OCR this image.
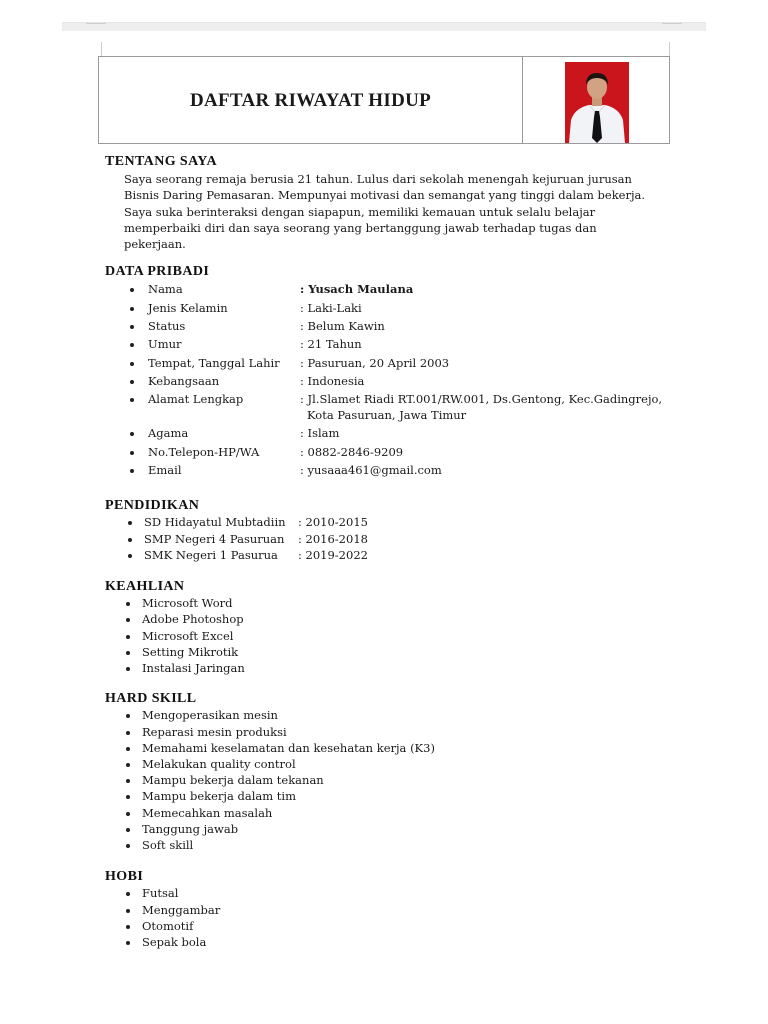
DAFTAR RIWAYAT HIDUP
TENTANG SAYA
Saya seorang remaja berusia 21 tahun. Lulus dari sekolah menengah kejuruan jurusan
Bisnis Daring Pemasaran. Mempunyai motivasi dan semangat yang tinggi dalam bekerja.
Saya suka berinteraksi dengan siapapun, memiliki kemauan untuk selalu belajar
memperbaiki diri dan saya seorang yang bertanggung jawab terhadap tugas dan
pekerjaan.
DATA PRIBADI
Nama	: Yusach Maulana
Jenis Kelamin	: Laki-Laki
Status	: Belum Kawin
Umur	: 21 Tahun
Tempat, Tanggal Lahir : Pasuruan, 20 April 2003
Kebangsaan	: Indonesia
Alamat Lengkap	: Jl.Slamet Riadi RT.001/RW.001, Ds.Gentong, Kec.Gadingrejo,
Kota Pasuruan, Jawa Timur
Agama	: Islam
No.Telepon-HP/WA	: 0882-2846-9209
Email	: yusaaa461@gmail.com
PENDIDIKAN
SD Hidayatul Mubtadiin : 2010-2015
SMP Negeri 4 Pasuruan : 2016-2018
SMK Negeri 1 Pasurua : 2019-2022
KEAHLIAN
Microsoft Word
Adobe Photoshop
Microsoft Excel
Setting Mikrotik
Instalasi Jaringan
HARD SKILL
Mengoperasikan mesin
Reparasi mesin produksi
Memahami keselamatan dan kesehatan kerja (K3)
Melakukan quality control
Mampu bekerja dalam tekanan
Mampu bekerja dalam tim
Memecahkan masalah
Tanggung jawab
Soft skill
HOBI
Futsal
Menggambar
Otomotif
Sepak bola
